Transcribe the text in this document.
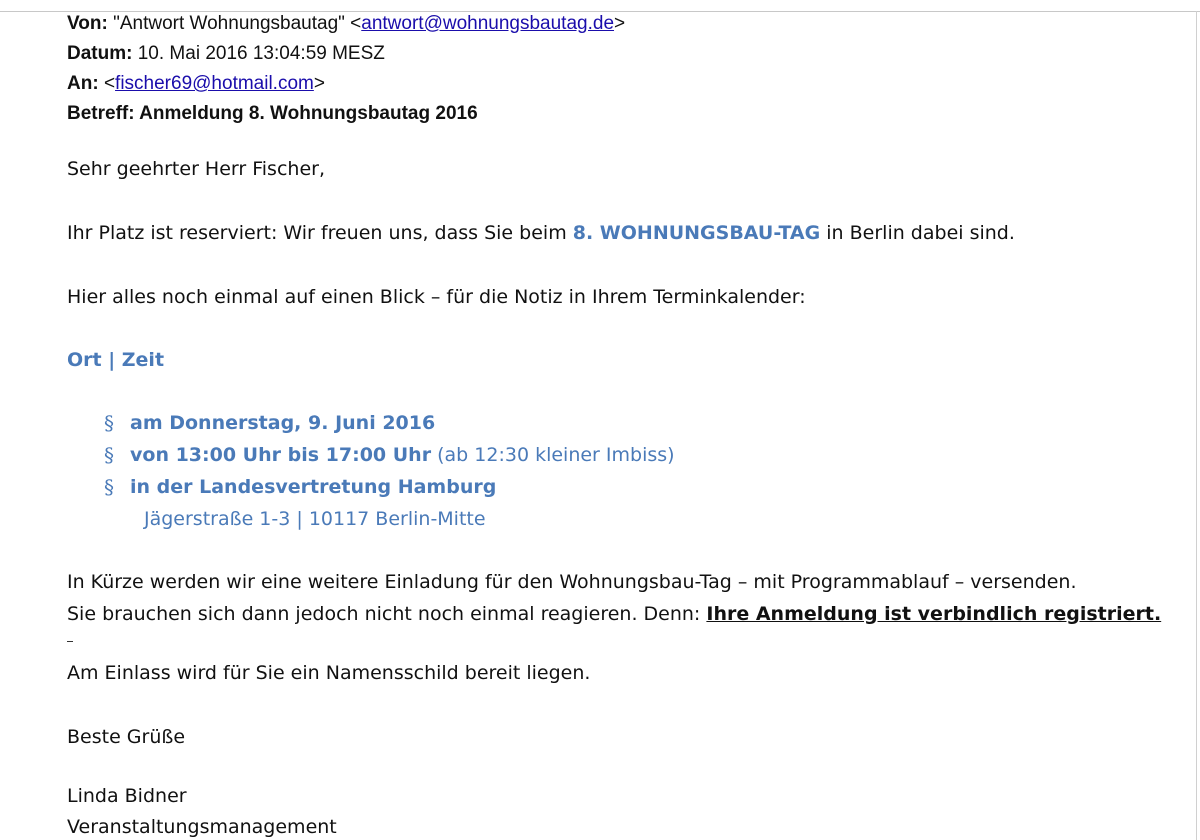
Von: "Antwort Wohnungsbautag" <antwort@wohnungsbautag.de>
Datum: 10. Mai 2016 13:04:59 MESZ
An: <fischer69@hotmail.com>
Betreff: Anmeldung 8. Wohnungsbautag 2016
Sehr geehrter Herr Fischer,
Ihr Platz ist reserviert: Wir freuen uns, dass Sie beim 8. WOHNUNGSBAU-TAG in Berlin dabei sind.
Hier alles noch einmal auf einen Blick – für die Notiz in Ihrem Terminkalender:
Ort | Zeit
§ am Donnerstag, 9. Juni 2016
§ von 13:00 Uhr bis 17:00 Uhr (ab 12:30 kleiner Imbiss)
§ in der Landesvertretung Hamburg
Jägerstraße 1-3 | 10117 Berlin-Mitte
In Kürze werden wir eine weitere Einladung für den Wohnungsbau-Tag – mit Programmablauf – versenden.
Sie brauchen sich dann jedoch nicht noch einmal reagieren. Denn: Ihre Anmeldung ist verbindlich registriert.
Am Einlass wird für Sie ein Namensschild bereit liegen.
Beste Grüße
Linda Bidner
Veranstaltungsmanagement
